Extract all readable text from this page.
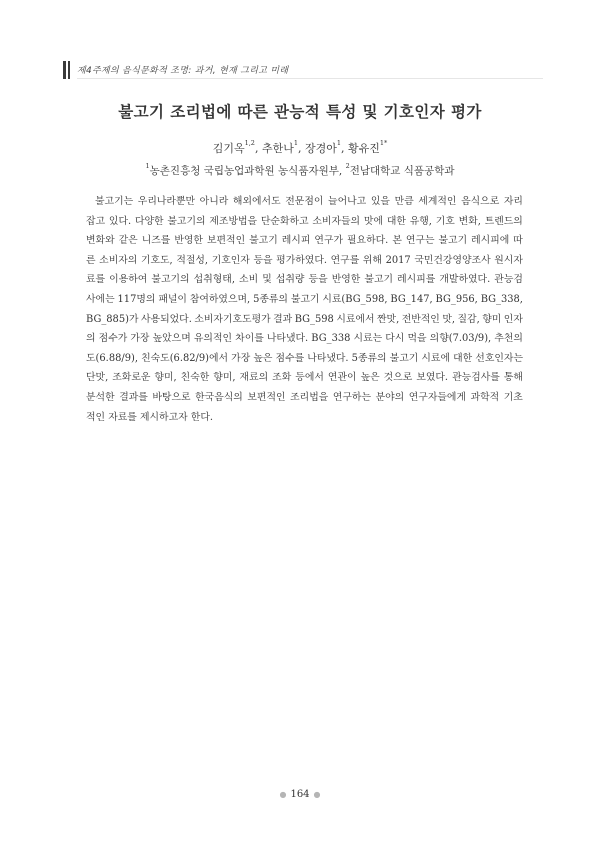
제4주제의 음식문화적 조명: 과거, 현재 그리고 미래
불고기 조리법에 따른 관능적 특성 및 기호인자 평가
김기옥$^{1,2}$, 추한나$^1$, 장경아$^1$, 황유진$^{1*}$
$^1$농촌진흥청 국립농업과학원 농식품자원부, $^2$전남대학교 식품공학과
불고기는 우리나라뿐만 아니라 해외에서도 전문점이 늘어나고 있을 만큼 세계적인 음식으로 자리
잡고 있다. 다양한 불고기의 제조방법을 단순화하고 소비자들의 맛에 대한 유행, 기호 변화, 트렌드의
변화와 같은 니즈를 반영한 보편적인 불고기 레시피 연구가 필요하다. 본 연구는 불고기 레시피에 따
른 소비자의 기호도, 적절성, 기호인자 등을 평가하였다. 연구를 위해 2017 국민건강영양조사 원시자
료를 이용하여 불고기의 섭취형태, 소비 및 섭취량 등을 반영한 불고기 레시피를 개발하였다. 관능검
사에는 117명의 패널이 참여하였으며, 5종류의 불고기 시료(BG_598, BG_147, BG_956, BG_338,
BG_885)가 사용되었다. 소비자기호도평가 결과 BG_598 시료에서 짠맛, 전반적인 맛, 질감, 향미 인자
의 점수가 가장 높았으며 유의적인 차이를 나타냈다. BG_338 시료는 다시 먹을 의향(7.03/9), 추천의
도(6.88/9), 친숙도(6.82/9)에서 가장 높은 점수를 나타냈다. 5종류의 불고기 시료에 대한 선호인자는
단맛, 조화로운 향미, 친숙한 향미, 재료의 조화 등에서 연관이 높은 것으로 보였다. 관능검사를 통해
분석한 결과를 바탕으로 한국음식의 보편적인 조리법을 연구하는 분야의 연구자들에게 과학적 기초
적인 자료를 제시하고자 한다.
● 164 ●
